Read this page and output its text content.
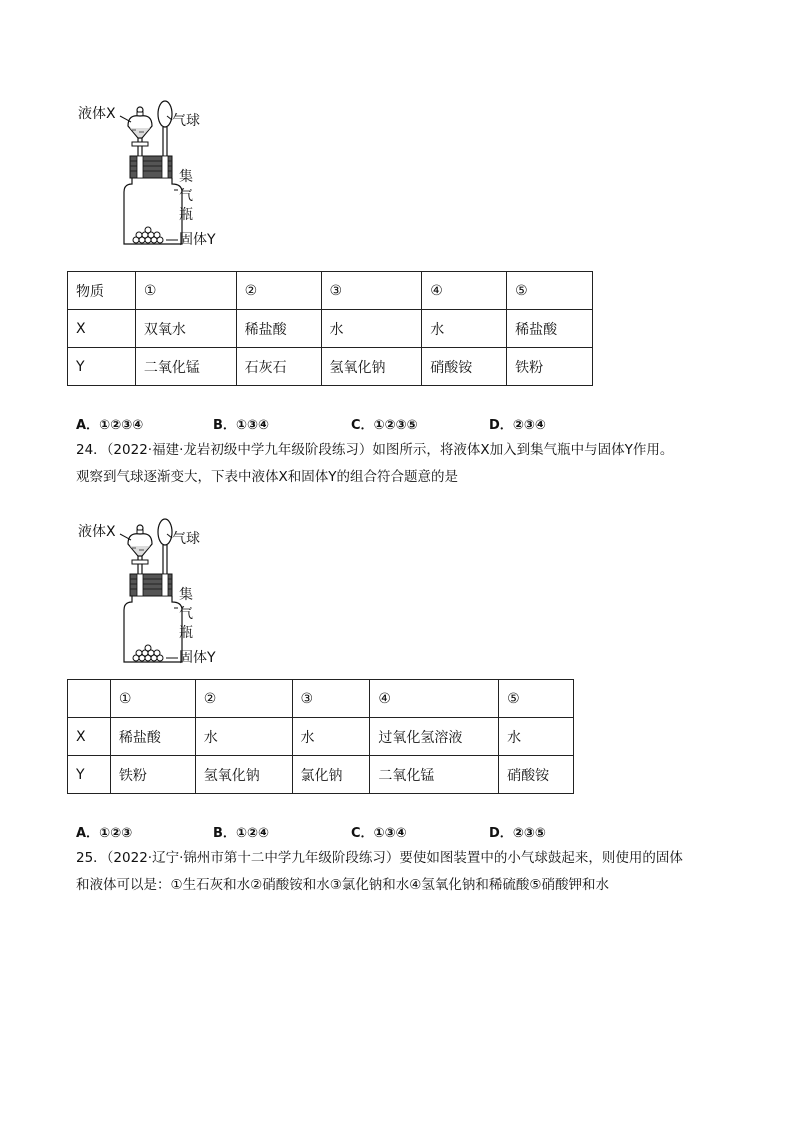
液体X	气球
集
气
瓶
固体Y
物质	①	②	③	④	⑤
X	双氧水	稀盐酸	水	水	稀盐酸
Y	二氧化锰	石灰石	氢氧化钠	硝酸铵	铁粉
A．①②③④	B．①③④	C．①②③⑤	D．②③④
24．（2022·福建·龙岩初级中学九年级阶段练习）如图所示，将液体X加入到集气瓶中与固体Y作用。
观察到气球逐渐变大，下表中液体X和固体Y的组合符合题意的是
液体X	气球
集
气
瓶
固体Y
	①	②	③	④	⑤
X	稀盐酸	水	水	过氧化氢溶液	水
Y	铁粉	氢氧化钠	氯化钠	二氧化锰	硝酸铵
A．①②③	B．①②④	C．①③④	D．②③⑤
25．（2022·辽宁·锦州市第十二中学九年级阶段练习）要使如图装置中的小气球鼓起来，则使用的固体
和液体可以是：①生石灰和水②硝酸铵和水③氯化钠和水④氢氧化钠和稀硫酸⑤硝酸钾和水
